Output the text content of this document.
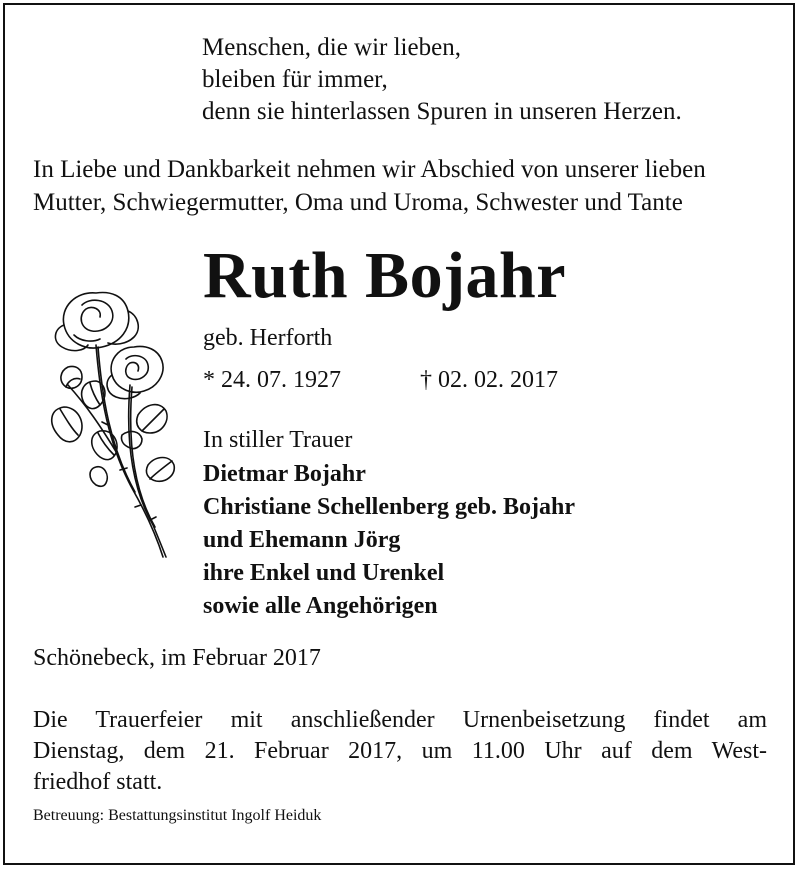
Menschen, die wir lieben,
bleiben für immer,
denn sie hinterlassen Spuren in unseren Herzen.
In Liebe und Dankbarkeit nehmen wir Abschied von unserer lieben
Mutter, Schwiegermutter, Oma und Uroma, Schwester und Tante
Ruth Bojahr
geb. Herforth
* 24. 07. 1927	† 02. 02. 2017
In stiller Trauer
Dietmar Bojahr
Christiane Schellenberg geb. Bojahr
und Ehemann Jörg
ihre Enkel und Urenkel
sowie alle Angehörigen
Schönebeck, im Februar 2017
Die Trauerfeier mit anschließender Urnenbeisetzung findet am
Dienstag, dem 21. Februar 2017, um 11.00 Uhr auf dem West-
friedhof statt.
Betreuung: Bestattungsinstitut Ingolf Heiduk
